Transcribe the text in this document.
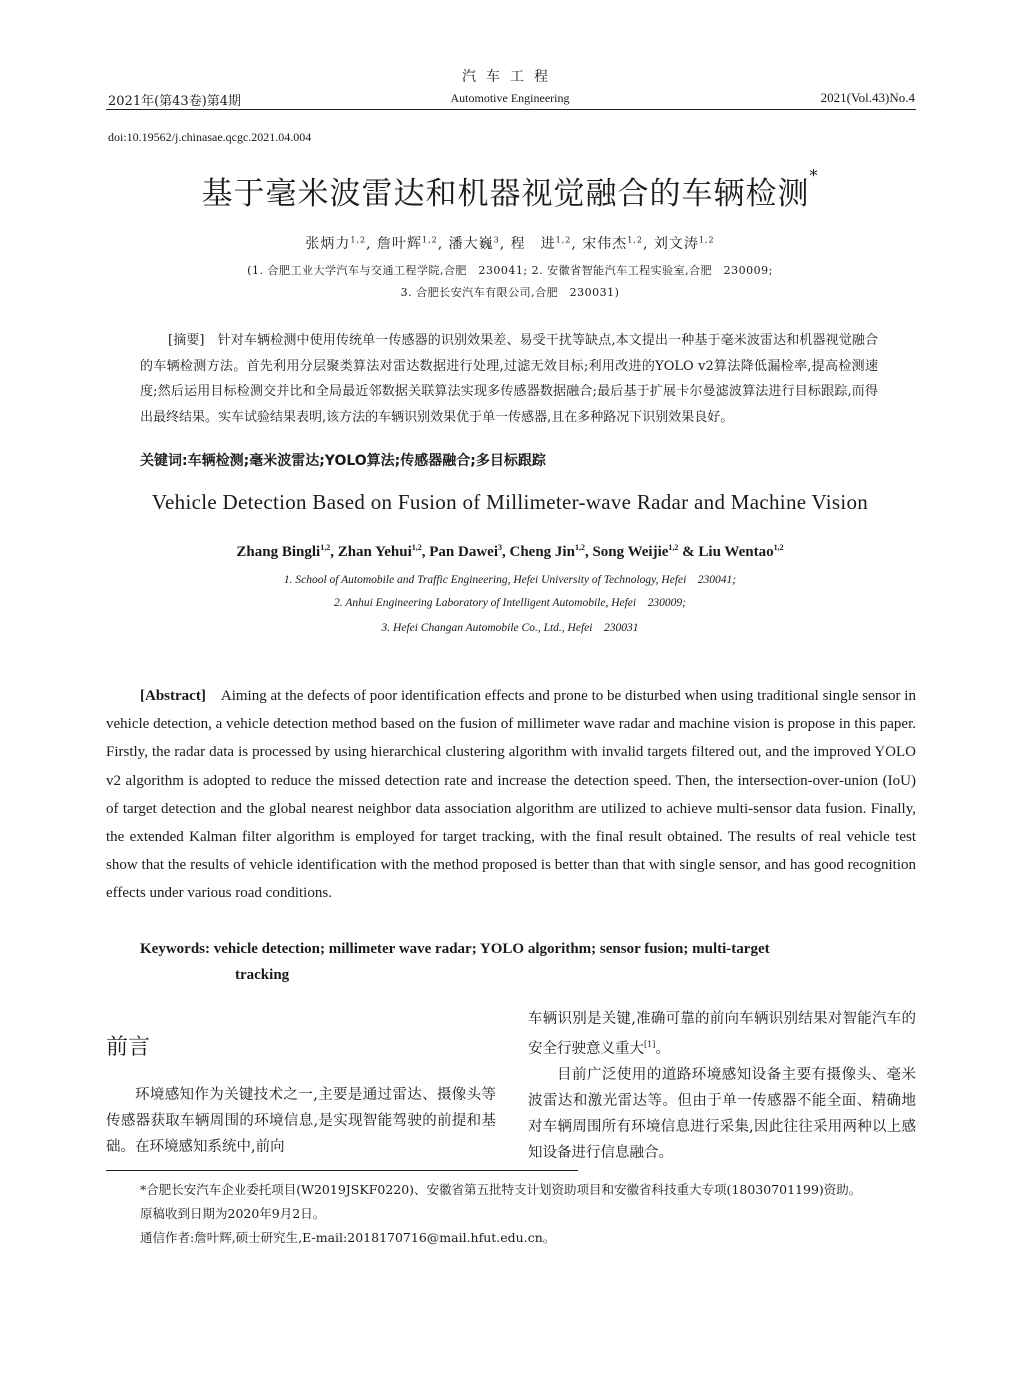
汽车工程
2021年(第43卷)第4期	Automotive Engineering	2021(Vol.43)No.4
doi:10.19562/j.chinasae.qcgc.2021.04.004
基于毫米波雷达和机器视觉融合的车辆检测*
张炳力$^{1,2}$, 詹叶辉$^{1,2}$, 潘大巍$^3$, 程　进$^{1,2}$, 宋伟杰$^{1,2}$, 刘文涛$^{1,2}$
(1. 合肥工业大学汽车与交通工程学院,合肥　230041; 2. 安徽省智能汽车工程实验室,合肥　230009;
3. 合肥长安汽车有限公司,合肥　230031)
[摘要]　 针对车辆检测中使用传统单一传感器的识别效果差、易受干扰等缺点,本文提出一种基于毫米波雷达和机器视觉融合的车辆检测方法。首先利用分层聚类算法对雷达数据进行处理,过滤无效目标;利用改进的YOLO v2算法降低漏检率,提高检测速度;然后运用目标检测交并比和全局最近邻数据关联算法实现多传感器数据融合;最后基于扩展卡尔曼滤波算法进行目标跟踪,而得出最终结果。实车试验结果表明,该方法的车辆识别效果优于单一传感器,且在多种路况下识别效果良好。
关键词:车辆检测;毫米波雷达;YOLO算法;传感器融合;多目标跟踪
Vehicle Detection Based on Fusion of Millimeter-wave Radar and Machine Vision
Zhang Bingli$^{1,2}$, Zhan Yehui$^{1,2}$, Pan Dawei$^3$, Cheng Jin$^{1,2}$, Song Weijie$^{1,2}$ & Liu Wentao$^{1,2}$
1. School of Automobile and Traffic Engineering, Hefei University of Technology, Hefei　230041;
2. Anhui Engineering Laboratory of Intelligent Automobile, Hefei　230009;
3. Hefei Changan Automobile Co., Ltd., Hefei　230031
[Abstract]　 Aiming at the defects of poor identification effects and prone to be disturbed when using traditional single sensor in vehicle detection, a vehicle detection method based on the fusion of millimeter wave radar and machine vision is propose in this paper. Firstly, the radar data is processed by using hierarchical clustering algorithm with invalid targets filtered out, and the improved YOLO v2 algorithm is adopted to reduce the missed detection rate and increase the detection speed. Then, the intersection-over-union (IoU) of target detection and the global nearest neighbor data association algorithm are utilized to achieve multi-sensor data fusion. Finally, the extended Kalman filter algorithm is employed for target tracking, with the final result obtained. The results of real vehicle test show that the results of vehicle identification with the method proposed is better than that with single sensor, and has good recognition effects under various road conditions.
Keywords: vehicle detection; millimeter wave radar; YOLO algorithm; sensor fusion; multi-target
tracking
前言
环境感知作为关键技术之一,主要是通过雷达、摄像头等传感器获取车辆周围的环境信息,是实现智能驾驶的前提和基础。在环境感知系统中,前向

车辆识别是关键,准确可靠的前向车辆识别结果对智能汽车的安全行驶意义重大[1]。

目前广泛使用的道路环境感知设备主要有摄像头、毫米波雷达和激光雷达等。但由于单一传感器不能全面、精确地对车辆周围所有环境信息进行采集,因此往往采用两种以上感知设备进行信息融合。

*合肥长安汽车企业委托项目(W2019JSKF0220)、安徽省第五批特支计划资助项目和安徽省科技重大专项(18030701199)资助。

原稿收到日期为2020年9月2日。

通信作者:詹叶辉,硕士研究生,E-mail:2018170716@mail.hfut.edu.cn。
